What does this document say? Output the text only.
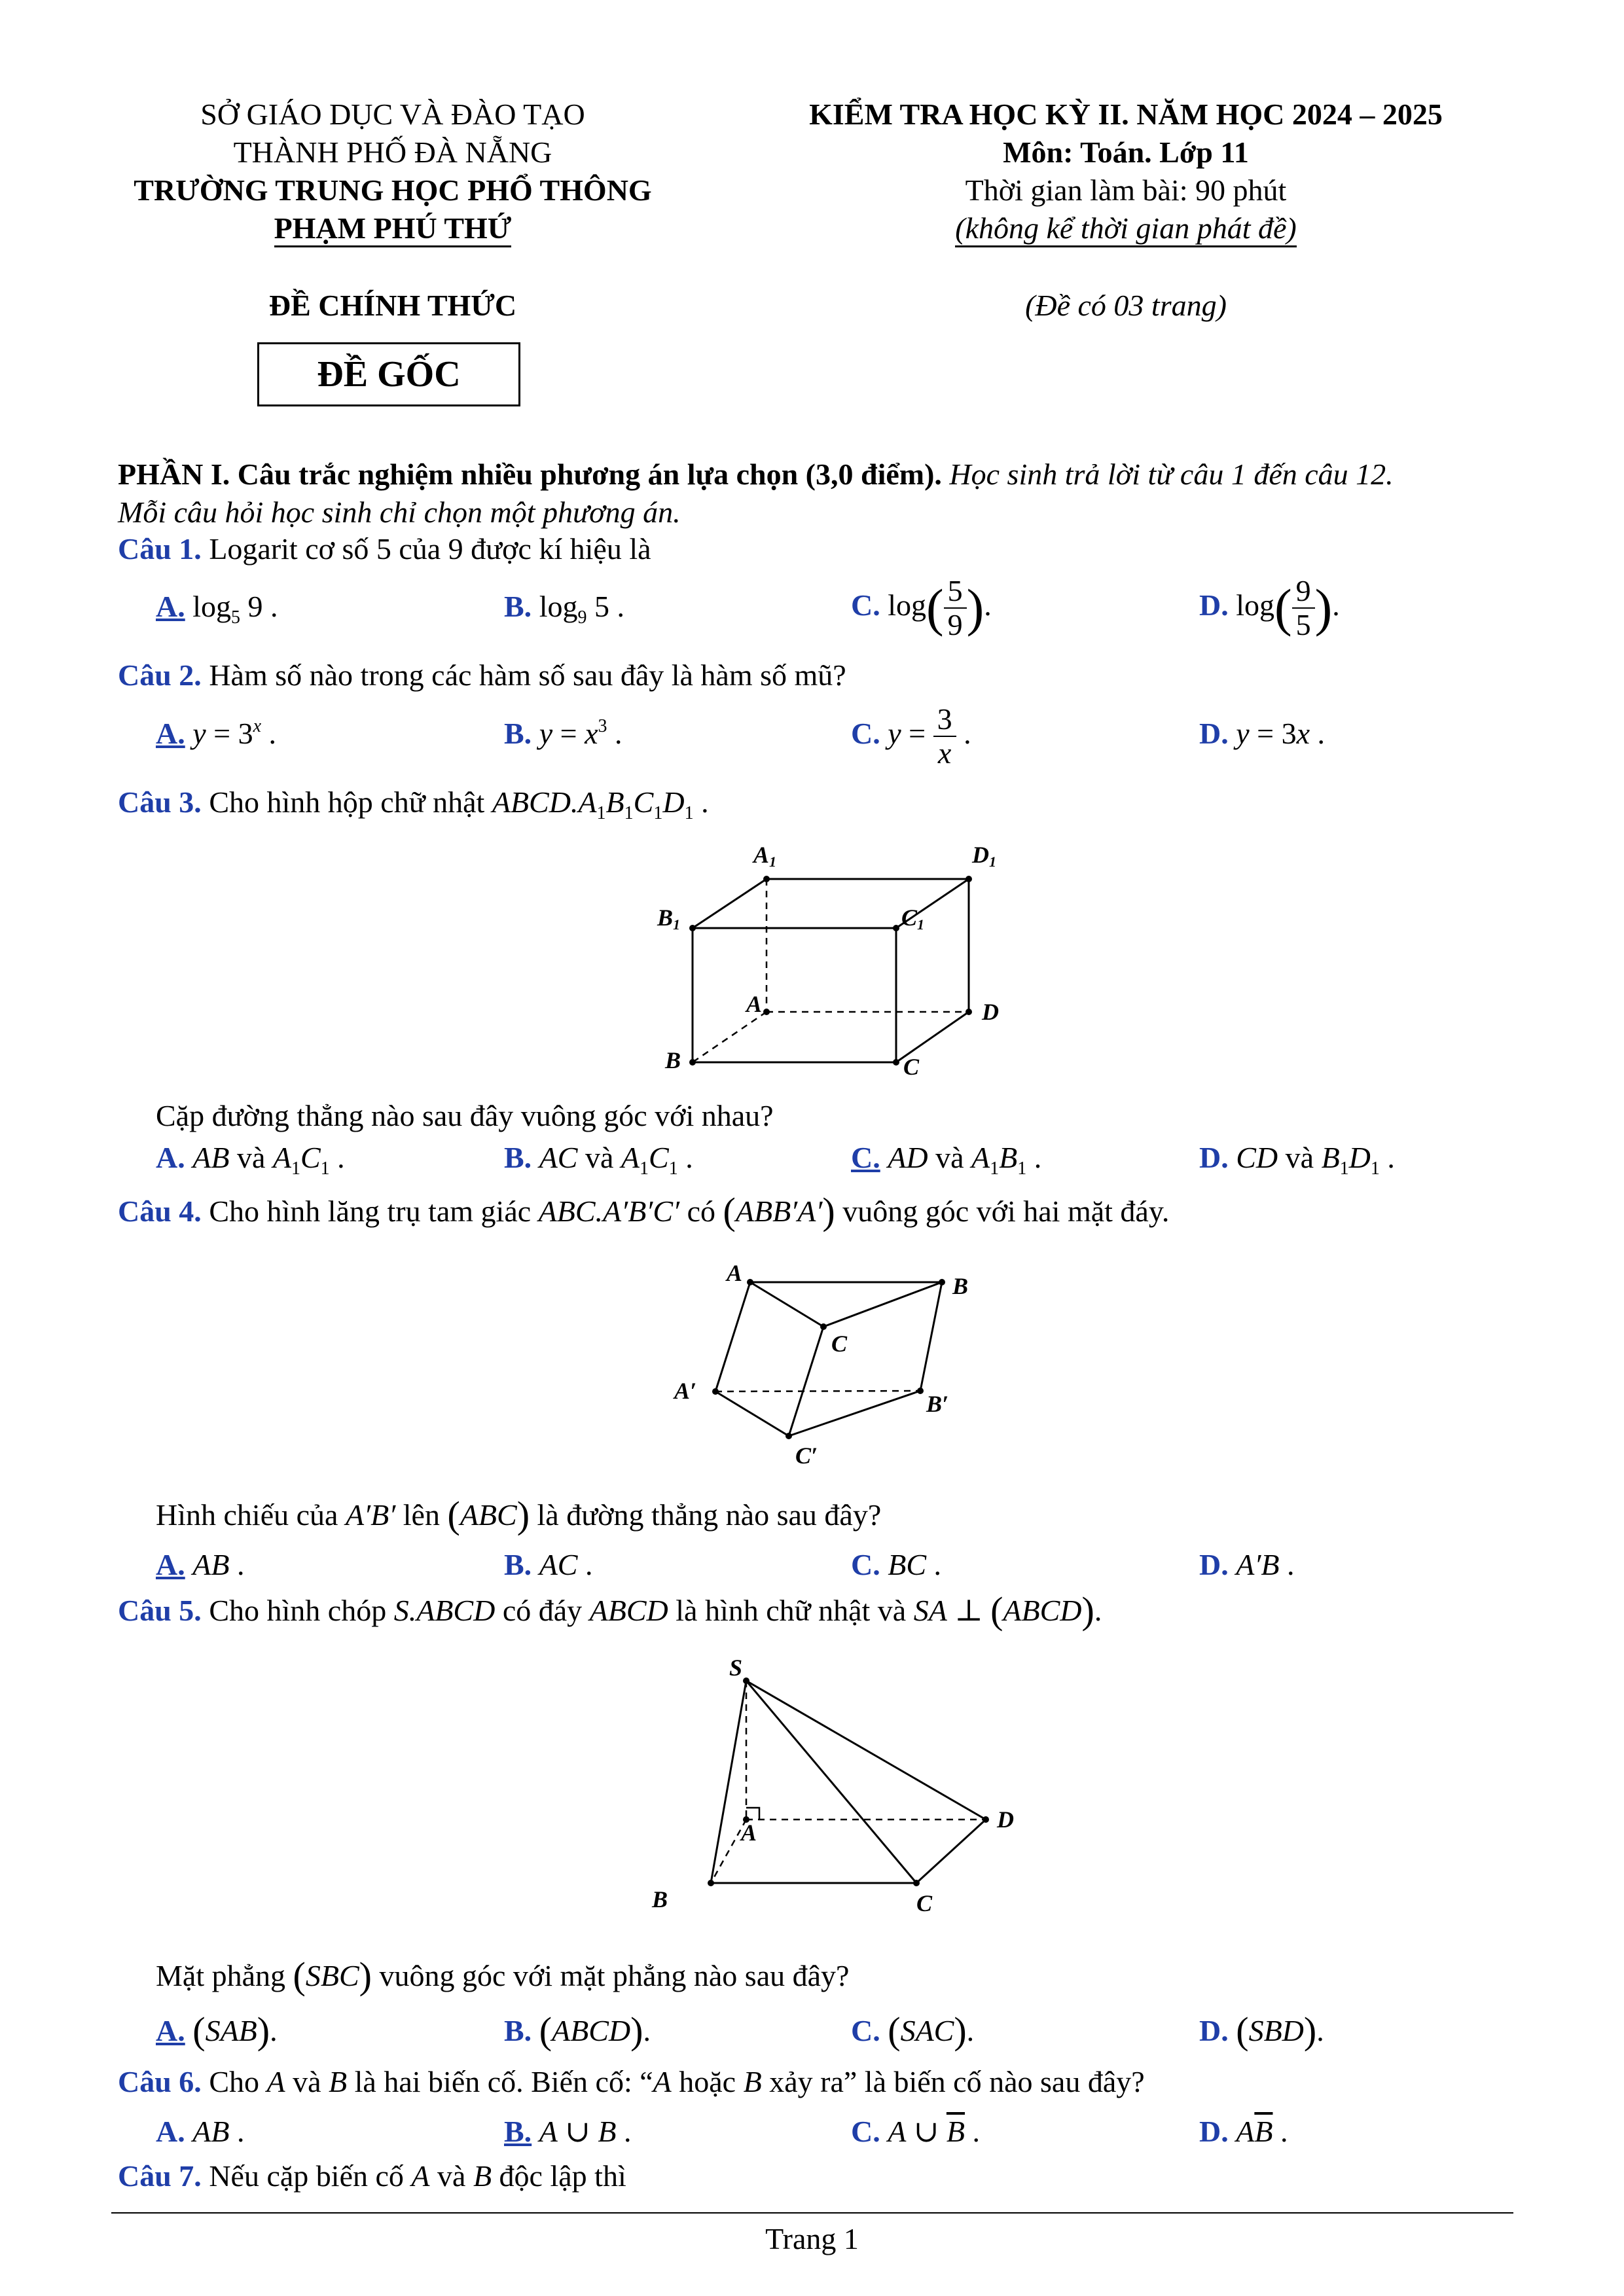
SỞ GIÁO DỤC VÀ ĐÀO TẠO
THÀNH PHỐ ĐÀ NẴNG
TRƯỜNG TRUNG HỌC PHỔ THÔNG
PHẠM PHÚ THỨ
ĐỀ CHÍNH THỨC
ĐỀ GỐC
KIỂM TRA HỌC KỲ II. NĂM HỌC 2024 – 2025
Môn: Toán. Lớp 11
Thời gian làm bài: 90 phút
(không kể thời gian phát đề)
(Đề có 03 trang)
PHẦN I. Câu trắc nghiệm nhiều phương án lựa chọn (3,0 điểm). Học sinh trả lời từ câu 1 đến câu 12.
Mỗi câu hỏi học sinh chỉ chọn một phương án.
Câu 1. Logarit cơ số 5 của 9 được kí hiệu là
A. $\log_5 9$ .	B. $\log_9 5$ .	C. $\log( \frac{5}{9}$ ).	D. $\log( \frac{9}{5}$ ).
Câu 2. Hàm số nào trong các hàm số sau đây là hàm số mũ?
A. $y = 3^x$ .	B. $y = x^3$ .	C. $y = \frac{3}{x}$ .	D. y = 3x .
Câu 3. Cho hình hộp chữ nhật $ABCD.A_1B_1C_1D_1$ .
A1	D1
B1	C1
A	D
B	C
Cặp đường thẳng nào sau đây vuông góc với nhau?
A. AB và $A_1C_1$ .	B. AC và $A_1C_1$ .	C. AD và $A_1B_1$ .	D. CD và $B_1D_1$ .
Câu 4. Cho hình lăng trụ tam giác ABC.A′B′C′ có (ABB′A′) vuông góc với hai mặt đáy.
A	B
C
A′	B′
C′
Hình chiếu của A′B′ lên (ABC) là đường thẳng nào sau đây?
A. AB .	B. AC .	C. BC .	D. A′B .
Câu 5. Cho hình chóp S.ABCD có đáy ABCD là hình chữ nhật và SA ⊥ (ABCD).
S
A	D
B	C
Mặt phẳng (SBC) vuông góc với mặt phẳng nào sau đây?
A. (SAB).	B. (ABCD).	C. (SAC).	D. (SBD).
Câu 6. Cho A và B là hai biến cố. Biến cố: “A hoặc B xảy ra” là biến cố nào sau đây?
A. AB .	B. A ∪ B .	C. A ∪ $\overline{B}$ .	D. $A\overline{B}$ .
Câu 7. Nếu cặp biến cố A và B độc lập thì
Trang 1
